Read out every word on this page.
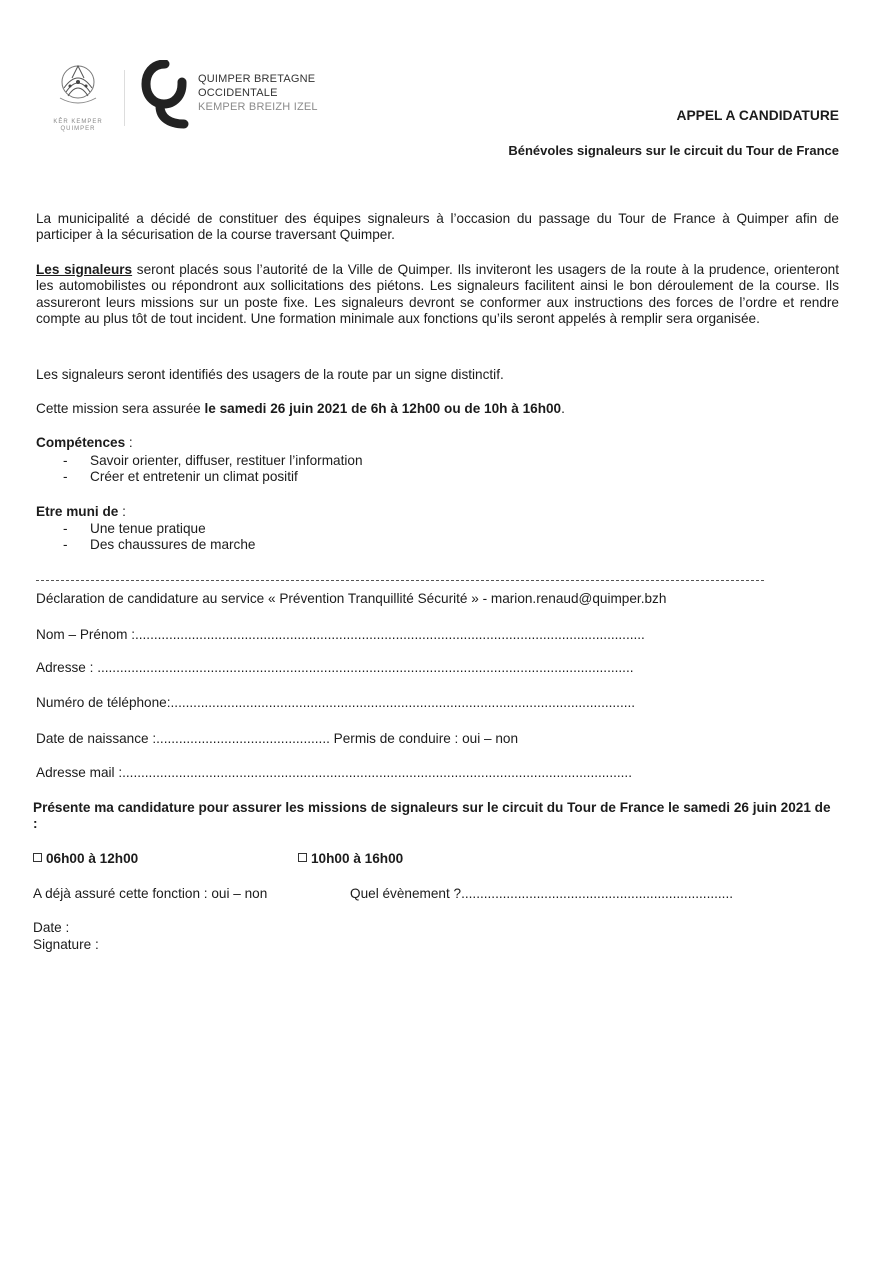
KÊR KEMPER QUIMPER
QUIMPER BRETAGNE
OCCIDENTALE
KEMPER BREIZH IZEL
APPEL A CANDIDATURE
Bénévoles signaleurs sur le circuit du Tour de France
La municipalité a décidé de constituer des équipes signaleurs à l’occasion du passage du Tour de France à Quimper afin de participer à la sécurisation de la course traversant Quimper.
Les signaleurs seront placés sous l’autorité de la Ville de Quimper. Ils inviteront les usagers de la route à la prudence, orienteront les automobilistes ou répondront aux sollicitations des piétons. Les signaleurs facilitent ainsi le bon déroulement de la course. Ils assureront leurs missions sur un poste fixe. Les signaleurs devront se conformer aux instructions des forces de l’ordre et rendre compte au plus tôt de tout incident. Une formation minimale aux fonctions qu’ils seront appelés à remplir sera organisée.
Les signaleurs seront identifiés des usagers de la route par un signe distinctif.
Cette mission sera assurée le samedi 26 juin 2021 de 6h à 12h00 ou de 10h à 16h00.
Compétences :
- Savoir orienter, diffuser, restituer l’information
- Créer et entretenir un climat positif
Etre muni de :
- Une tenue pratique
- Des chaussures de marche
Déclaration de candidature au service « Prévention Tranquillité Sécurité » - marion.renaud@quimper.bzh
Nom – Prénom :.......................................................................................................................................
Adresse : ..............................................................................................................................................
Numéro de téléphone:...........................................................................................................................
Date de naissance :.............................................. Permis de conduire : oui – non
Adresse mail :.......................................................................................................................................
Présente ma candidature pour assurer les missions de signaleurs sur le circuit du Tour de France le samedi 26 juin 2021 de :
06h00 à 12h00	10h00 à 16h00
A déjà assuré cette fonction : oui – non	Quel évènement ?........................................................................
Date :
Signature :
